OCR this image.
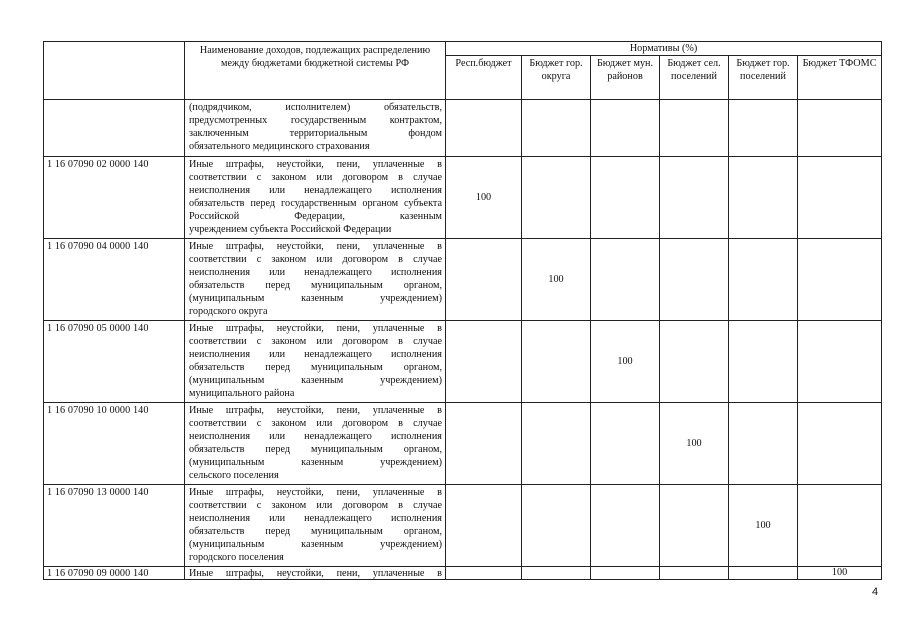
	Наименование доходов, подлежащих распределению между бюджетами бюджетной системы РФ	Нормативы (%)					
		Респ.бюджет	Бюджет гор. округа	Бюджет мун. районов	Бюджет сел. поселений	Бюджет гор. поселений	Бюджет ТФОМС
	(подрядчиком, исполнителем) обязательств, предусмотренных государственным контрактом, заключенным территориальным фондом
обязательного медицинского страхования						

1 16 07090 02 0000 140	Иные штрафы, неустойки, пени, уплаченные в соответствии с законом или договором в случае неисполнения или ненадлежащего исполнения обязательств перед государственным органом субъекта Российской Федерации, казенным
учреждением субъекта Российской Федерации	100					
1 16 07090 04 0000 140	Иные штрафы, неустойки, пени, уплаченные в соответствии с законом или договором в случае неисполнения или ненадлежащего исполнения обязательств перед муниципальным органом, (муниципальным казенным учреждением)
городского округа		100				
1 16 07090 05 0000 140	Иные штрафы, неустойки, пени, уплаченные в соответствии с законом или договором в случае неисполнения или ненадлежащего исполнения обязательств перед муниципальным органом, (муниципальным казенным учреждением)
муниципального района			100			
1 16 07090 10 0000 140	Иные штрафы, неустойки, пени, уплаченные в соответствии с законом или договором в случае неисполнения или ненадлежащего исполнения обязательств перед муниципальным органом, (муниципальным казенным учреждением)
сельского поселения				100		
1 16 07090 13 0000 140	Иные штрафы, неустойки, пени, уплаченные в соответствии с законом или договором в случае неисполнения или ненадлежащего исполнения обязательств перед муниципальным органом, (муниципальным казенным учреждением)
городского поселения					100	
1 16 07090 09 0000 140	Иные штрафы, неустойки, пени, уплаченные в						100
4
